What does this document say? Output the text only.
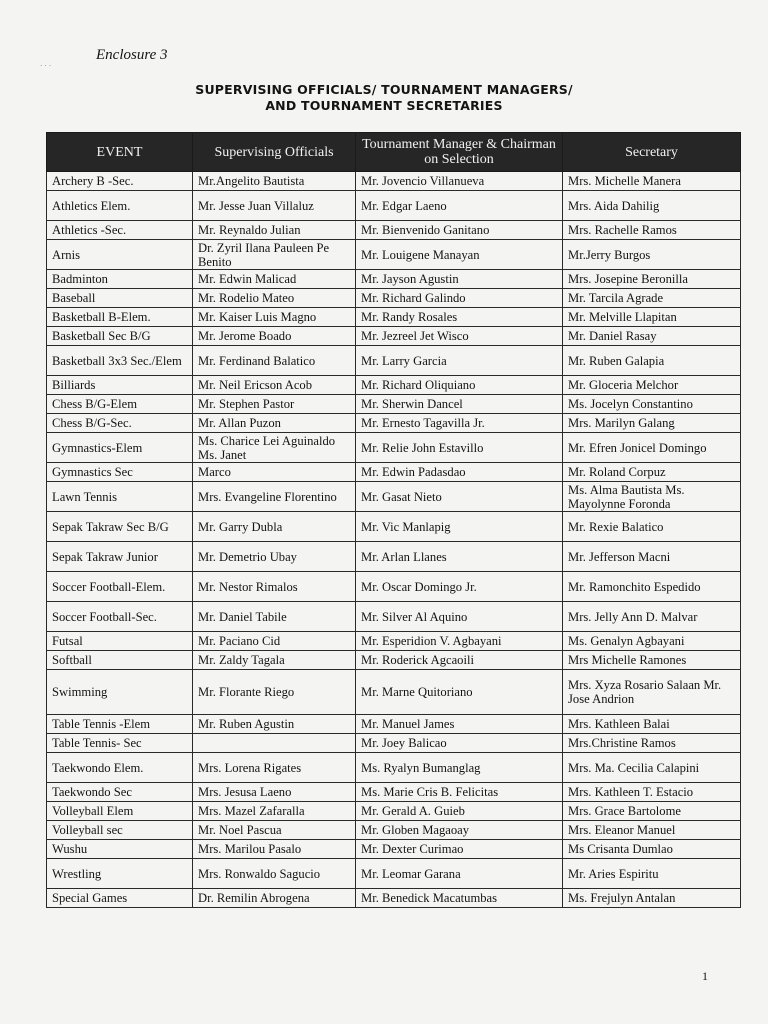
· · ·
Enclosure 3
SUPERVISING OFFICIALS/ TOURNAMENT MANAGERS/
AND TOURNAMENT SECRETARIES
EVENT	Supervising Officials	Tournament Manager & Chairman on Selection	Secretary
Archery B -Sec.	Mr.Angelito Bautista	Mr. Jovencio Villanueva	Mrs. Michelle Manera
Athletics Elem.	Mr. Jesse Juan Villaluz	Mr. Edgar Laeno	Mrs. Aida Dahilig
Athletics -Sec.	Mr. Reynaldo Julian	Mr. Bienvenido Ganitano	Mrs. Rachelle Ramos
Arnis	Dr. Zyril Ilana Pauleen Pe Benito	Mr. Louigene Manayan	Mr.Jerry Burgos
Badminton	Mr. Edwin Malicad	Mr. Jayson Agustin	Mrs. Josepine Beronilla
Baseball	Mr. Rodelio Mateo	Mr. Richard Galindo	Mr. Tarcila Agrade
Basketball B-Elem.	Mr. Kaiser Luis Magno	Mr. Randy Rosales	Mr. Melville Llapitan
Basketball Sec B/G	Mr. Jerome Boado	Mr. Jezreel Jet Wisco	Mr. Daniel Rasay
Basketball 3x3 Sec./Elem	Mr. Ferdinand Balatico	Mr. Larry Garcia	Mr. Ruben Galapia
Billiards	Mr. Neil Ericson Acob	Mr. Richard Oliquiano	Mr. Gloceria Melchor
Chess B/G-Elem	Mr. Stephen Pastor	Mr. Sherwin Dancel	Ms. Jocelyn Constantino
Chess B/G-Sec.	Mr. Allan Puzon	Mr. Ernesto Tagavilla Jr.	Mrs. Marilyn Galang
Gymnastics-Elem	Ms. Charice Lei Aguinaldo Ms. Janet	Mr. Relie John Estavillo	Mr. Efren Jonicel Domingo
Gymnastics Sec	Marco	Mr. Edwin Padasdao	Mr. Roland Corpuz
Lawn Tennis	Mrs. Evangeline Florentino	Mr. Gasat Nieto	Ms. Alma Bautista Ms. Mayolynne Foronda
Sepak Takraw Sec B/G	Mr. Garry Dubla	Mr. Vic Manlapig	Mr. Rexie Balatico
Sepak Takraw Junior	Mr. Demetrio Ubay	Mr. Arlan Llanes	Mr. Jefferson Macni
Soccer Football-Elem.	Mr. Nestor Rimalos	Mr. Oscar Domingo Jr.	Mr. Ramonchito Espedido
Soccer Football-Sec.	Mr. Daniel Tabile	Mr. Silver Al Aquino	Mrs. Jelly Ann D. Malvar
Futsal	Mr. Paciano Cid	Mr. Esperidion V. Agbayani	Ms. Genalyn Agbayani
Softball	Mr. Zaldy Tagala	Mr. Roderick Agcaoili	Mrs Michelle Ramones
Swimming	Mr. Florante Riego	Mr. Marne Quitoriano	Mrs. Xyza Rosario Salaan Mr. Jose Andrion
Table Tennis -Elem	Mr. Ruben Agustin	Mr. Manuel James	Mrs. Kathleen Balai
Table Tennis- Sec		Mr. Joey Balicao	Mrs.Christine Ramos
Taekwondo Elem.	Mrs. Lorena Rigates	Ms. Ryalyn Bumanglag	Mrs. Ma. Cecilia Calapini
Taekwondo Sec	Mrs. Jesusa Laeno	Ms. Marie Cris B. Felicitas	Mrs. Kathleen T. Estacio
Volleyball Elem	Mrs. Mazel Zafaralla	Mr. Gerald A. Guieb	Mrs. Grace Bartolome
Volleyball sec	Mr. Noel Pascua	Mr. Globen Magaoay	Mrs. Eleanor Manuel
Wushu	Mrs. Marilou Pasalo	Mr. Dexter Curimao	Ms Crisanta Dumlao
Wrestling	Mrs. Ronwaldo Sagucio	Mr. Leomar Garana	Mr. Aries Espiritu
Special Games	Dr. Remilin Abrogena	Mr. Benedick Macatumbas	Ms. Frejulyn Antalan
1
